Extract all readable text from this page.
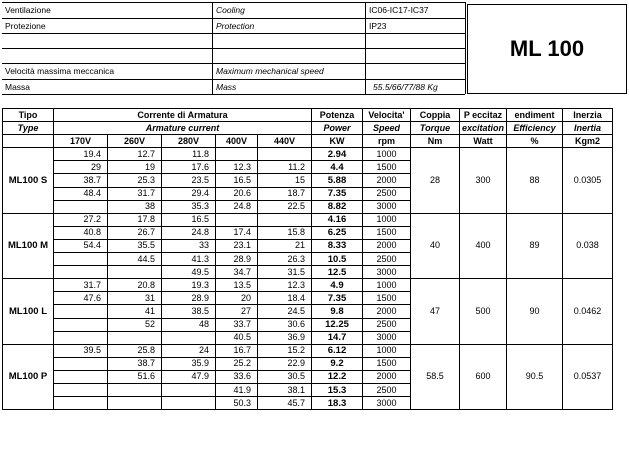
Ventilazione	Cooling	IC06-IC17-IC37
Protezione	Protection	IP23
Velocità massima meccanica	Maximum mechanical speed
Massa	Mass	55.5/66/77/88 Kg
ML 100
Tipo	Corrente di Armatura					Potenza	Velocita'	Coppia	P eccitaz	endiment	Inerzia
Type	Armature current					Power	Speed	Torque	excitation	Efficiency	Inertia
	170V	260V	280V	400V	440V	KW	rpm	Nm	Watt	%	Kgm2
ML100 S	19.4	12.7	11.8			2.94	1000	28	300	88	0.0305
	29	19	17.6	12.3	11.2	4.4	1500				
	38.7	25.3	23.5	16.5	15	5.88	2000				
	48.4	31.7	29.4	20.6	18.7	7.35	2500				
		38	35.3	24.8	22.5	8.82	3000				
ML100 M	27.2	17.8	16.5			4.16	1000	40	400	89	0.038
	40.8	26.7	24.8	17.4	15.8	6.25	1500				
	54.4	35.5	33	23.1	21	8.33	2000				
		44.5	41.3	28.9	26.3	10.5	2500				
			49.5	34.7	31.5	12.5	3000				
ML100 L	31.7	20.8	19.3	13.5	12.3	4.9	1000	47	500	90	0.0462
	47.6	31	28.9	20	18.4	7.35	1500				
		41	38.5	27	24.5	9.8	2000				
		52	48	33.7	30.6	12.25	2500				
				40.5	36.9	14.7	3000				
ML100 P	39.5	25.8	24	16.7	15.2	6.12	1000	58.5	600	90.5	0.0537
		38.7	35.9	25.2	22.9	9.2	1500				
		51.6	47.9	33.6	30.5	12.2	2000				
				41.9	38.1	15.3	2500				
				50.3	45.7	18.3	3000				
